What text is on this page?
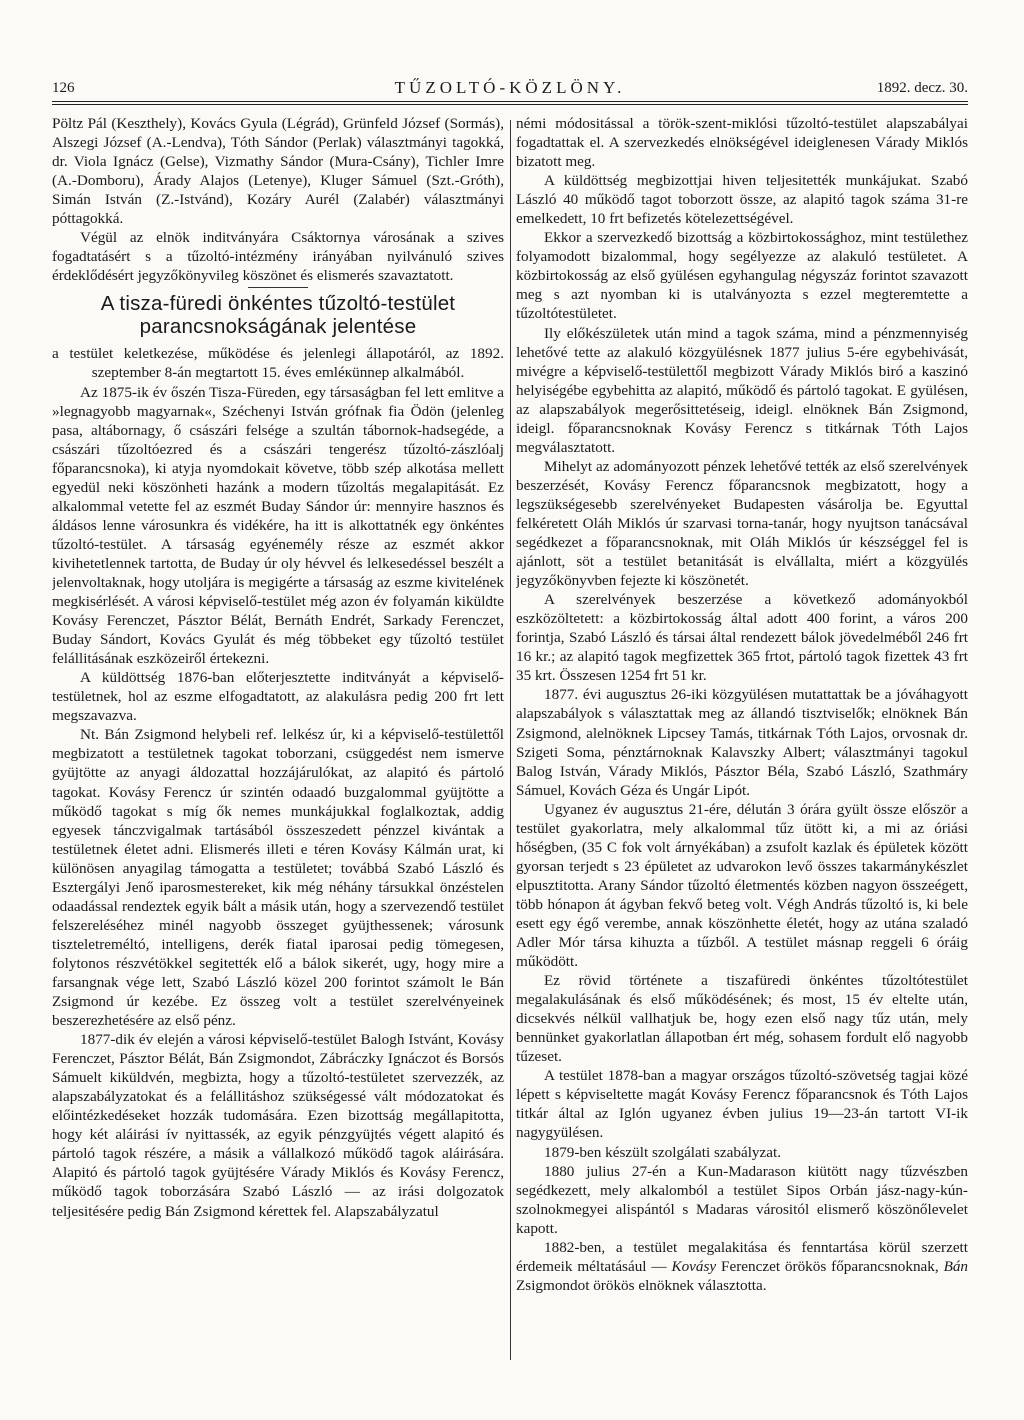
126	TŰZOLTÓ-KÖZLÖNY.	1892. decz. 30.

Pöltz Pál (Keszthely), Kovács Gyula (Légrád), Grünfeld József (Sormás), Alszegi József (A.-Lendva), Tóth Sándor (Perlak) választmányi tagokká, dr. Viola Ignácz (Gelse), Vizmathy Sándor (Mura-Csány), Tichler Imre (A.-Domboru), Árady Alajos (Letenye), Kluger Sámuel (Szt.-Gróth), Simán István (Z.-Istvánd), Kozáry Aurél (Zalabér) választmányi póttagokká.

Végül az elnök inditványára Csáktornya városának a szives fogadtatásért s a tűzoltó-intézmény irányában nyilvánuló szives érdeklődésért jegyzőkönyvileg köszönet és elismerés szavaztatott.

A tisza-füredi önkéntes tűzoltó-testület parancsnokságának jelentése

a testület keletkezése, működése és jelenlegi állapotáról, az 1892. szeptember 8-án megtartott 15. éves emléкünnep alkalmából.

Az 1875-ik év őszén Tisza-Füreden, egy társaságban fel lett emlitve a »legnagyobb magyarnak«, Széchenyi István grófnak fia Ödön (jelenleg pasa, altábornagy, ő császári felsége a szultán tábornok-hadsegéde, a császári tűzoltóezred és a császári tengerész tűzoltó-zászlóalj főparancsnoka), ki atyja nyomdokait követve, több szép alkotása mellett egyedül neki köszönheti hazánk a modern tűzoltás megalapitását. Ez alkalommal vetette fel az eszmét Buday Sándor úr: mennyire hasznos és áldásos lenne városunkra és vidékére, ha itt is alkottatnék egy önkéntes tűzoltó-testület. A társaság egyénemély része az eszmét akkor kivihetetlennek tartotta, de Buday úr oly hévvel és lelkesedéssel beszélt a jelenvoltaknak, hogy utoljára is megigérte a társaság az eszme kivitelének megkisérlését. A városi képviselő-testület még azon év folyamán kiküldte Kovásy Ferenczet, Pásztor Bélát, Bernáth Endrét, Sarkady Ferenczet, Buday Sándort, Kovács Gyulát és még többeket egy tűzoltó testület felállitásának eszközeiről értekezni.

A küldöttség 1876-ban előterjesztette inditványát a képviselő-testületnek, hol az eszme elfogadtatott, az alakulásra pedig 200 frt lett megszavazva.

Nt. Bán Zsigmond helybeli ref. lelkész úr, ki a képviselő-testülettől megbizatott a testületnek tagokat toborzani, csüggedést nem ismerve gyüjtötte az anyagi áldozattal hozzájárulókat, az alapitó és pártoló tagokat. Kovásy Ferencz úr szintén odaadó buzgalommal gyüjtötte a működő tagokat s míg ők nemes munkájukkal foglalkoztak, addig egyesek tánczvigalmak tartásából összeszedett pénzzel kivántak a testületnek életet adni. Elismerés illeti e téren Kovásy Kálmán urat, ki különösen anyagilag támogatta a testületet; továbbá Szabó László és Esztergályi Jenő iparosmestereket, kik még néhány társukkal önzéstelen odaadással rendeztek egyik bált a másik után, hogy a szervezendő testület felszereléséhez minél nagyobb összeget gyüjthessenek; városunk tiszteletreméltó, intelligens, derék fiatal iparosai pedig tömegesen, folytonos részvétökkel segitették elő a bálok sikerét, ugy, hogy mire a farsangnak vége lett, Szabó László közel 200 forintot számolt le Bán Zsigmond úr kezébe. Ez összeg volt a testület szerelvényeinek beszerezhetésére az első pénz.

1877-dik év elején a városi képviselő-testület Balogh Istvánt, Kovásy Ferenczet, Pásztor Bélát, Bán Zsigmondot, Zábráczky Ignáczot és Borsós Sámuelt kiküldvén, megbizta, hogy a tűzoltó-testületet szervezzék, az alapszabályzatokat és a felállitáshoz szükségessé vált módozatokat és előintézkedéseket hozzák tudomására. Ezen bizottság megállapitotta, hogy két aláirási ív nyittassék, az egyik pénzgyüjtés végett alapitó és pártoló tagok részére, a másik a vállalkozó működő tagok aláirására. Alapitó és pártoló tagok gyüjtésére Várady Miklós és Kovásy Ferencz, működő tagok toborzására Szabó László — az irási dolgozatok teljesitésére pedig Bán Zsigmond kérettek fel. Alapszabályzatul

némi módositással a török-szent-miklósi tűzoltó-testület alapszabályai fogadtattak el. A szervezkedés elnökségével ideiglenesen Várady Miklós bizatott meg.

A küldöttség megbizottjai hiven teljesitették munkájukat. Szabó László 40 működő tagot toborzott össze, az alapitó tagok száma 31-re emelkedett, 10 frt befizetés kötelezettségével.

Ekkor a szervezkedő bizottság a közbirtokossághoz, mint testülethez folyamodott bizalommal, hogy segélyezze az alakuló testületet. A közbirtokosság az első gyülésen egyhangulag négyszáz forintot szavazott meg s azt nyomban ki is utalványozta s ezzel megteremtette a tűzoltótestületet.

Ily előkészületek után mind a tagok száma, mind a pénzmennyiség lehetővé tette az alakuló közgyülésnek 1877 julius 5-ére egybehivását, mivégre a képviselő-testülettől megbizott Várady Miklós biró a kaszinó helyiségébe egybehitta az alapitó, működő és pártoló tagokat. E gyülésen, az alapszabályok megerősittetéseig, ideigl. elnöknek Bán Zsigmond, ideigl. főparancsnoknak Kovásy Ferencz s titkárnak Tóth Lajos megválasztatott.

Mihelyt az adományozott pénzek lehetővé tették az első szerelvények beszerzését, Kovásy Ferencz főparancsnok megbizatott, hogy a legszükségesebb szerelvényeket Budapesten vásárolja be. Egyuttal felkéretett Oláh Miklós úr szarvasi torna-tanár, hogy nyujtson tanácsával segédkezet a főparancsnoknak, mit Oláh Miklós úr készséggel fel is ajánlott, söt a testület betanitását is elvállalta, miért a közgyülés jegyzőkönyvben fejezte ki köszönetét.

A szerelvények beszerzése a következő adományokból eszközöltetett: a közbirtokosság által adott 400 forint, a város 200 forintja, Szabó László és társai által rendezett bálok jövedelméből 246 frt 16 kr.; az alapitó tagok megfizettek 365 frtot, pártoló tagok fizettek 43 frt 35 krt. Összesen 1254 frt 51 kr.

1877. évi augusztus 26-iki közgyülésen mutattattak be a jóváhagyott alapszabályok s választattak meg az állandó tisztviselők; elnöknek Bán Zsigmond, alelnöknek Lipcsey Tamás, titkárnak Tóth Lajos, orvosnak dr. Szigeti Soma, pénztárnoknak Kalavszky Albert; választmányi tagokul Balog István, Várady Miklós, Pásztor Béla, Szabó László, Szathmáry Sámuel, Kovách Géza és Ungár Lipót.

Ugyanez év augusztus 21-ére, délután 3 órára gyült össze először a testület gyakorlatra, mely alkalommal tűz ütött ki, a mi az óriási hőségben, (35 C fok volt árnyékában) a zsufolt kazlak és épületek között gyorsan terjedt s 23 épületet az udvarokon levő összes takarmánykészlet elpusztitotta. Arany Sándor tűzoltó életmentés közben nagyon összeégett, több hónapon át ágyban fekvő beteg volt. Végh András tűzoltó is, ki bele esett egy égő verembe, annak köszönhette életét, hogy az utána szaladó Adler Mór társa kihuzta a tűzből. A testület másnap reggeli 6 óráig működött.

Ez rövid története a tiszafüredi önkéntes tűzoltótestület megalakulásának és első működésének; és most, 15 év eltelte után, dicsekvés nélkül vallhatjuk be, hogy ezen első nagy tűz után, mely bennünket gyakorlatlan állapotban ért még, sohasem fordult elő nagyobb tűzeset.

A testület 1878-ban a magyar országos tűzoltó-szövetség tagjai közé lépett s képviseltette magát Kovásy Ferencz főparancsnok és Tóth Lajos titkár által az Iglón ugyanez évben julius 19—23-án tartott VI-ik nagygyülésen.

1879-ben készült szolgálati szabályzat.

1880 julius 27-én a Kun-Madarason kiütött nagy tűzvészben segédkezett, mely alkalomból a testület Sipos Orbán jász-nagy-kún-szolnokmegyei alispántól s Madaras várositól elismerő köszönőlevelet kapott.

1882-ben, a testület megalakitása és fenntartása körül szerzett érdemeik méltatásául — Kovásy Ferenczet örökös főparancsnoknak, Bán Zsigmondot örökös elnöknek választotta.
